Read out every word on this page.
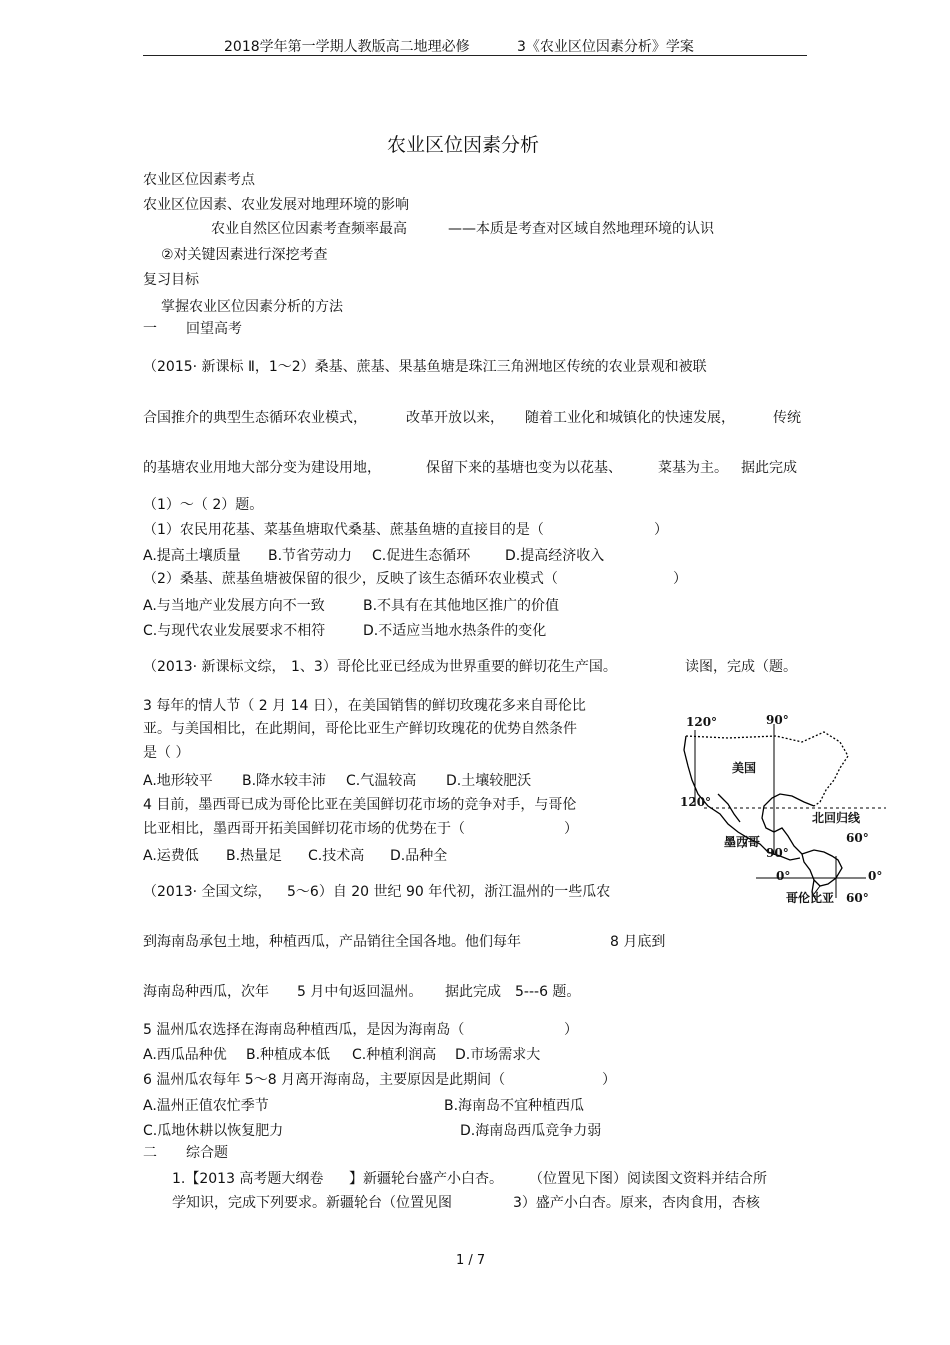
2018学年第一学期人教版高二地理必修	3《农业区位因素分析》学案
农业区位因素分析
农业区位因素考点
农业区位因素、农业发展对地理环境的影响
农业自然区位因素考查频率最高	——本质是考查对区域自然地理环境的认识
②对关键因素进行深挖考查
复习目标
掌握农业区位因素分析的方法
一 回望高考
（2015· 新课标 Ⅱ，1～2）桑基、蔗基、果基鱼塘是珠江三角洲地区传统的农业景观和被联
合国推介的典型生态循环农业模式，	改革开放以来， 随着工业化和城镇化的快速发展，	传统
的基塘农业用地大部分变为建设用地，	保留下来的基塘也变为以花基、	菜基为主。 据此完成
（1）～（ 2）题。
（1）农民用花基、菜基鱼塘取代桑基、蔗基鱼塘的直接目的是（	）
A.提高土壤质量 B.节省劳动力 C.促进生态循环 D.提高经济收入
（2）桑基、蔗基鱼塘被保留的很少，反映了该生态循环农业模式（	）
A.与当地产业发展方向不一致	B.不具有在其他地区推广的价值
C.与现代农业发展要求不相符	D.不适应当地水热条件的变化
（2013· 新课标文综， 1、3）哥伦比亚已经成为世界重要的鲜切花生产国。	读图，完成（题。
3 每年的情人节（ 2 月 14 日），在美国销售的鲜切玫瑰花多来自哥伦比
亚。与美国相比，在此期间，哥伦比亚生产鲜切玫瑰花的优势自然条件
是（ ）
A.地形较平 B.降水较丰沛 C.气温较高 D.土壤较肥沃
4 目前，墨西哥已成为哥伦比亚在美国鲜切花市场的竞争对手，与哥伦
比亚相比，墨西哥开拓美国鲜切花市场的优势在于（	）
A.运费低 B.热量足 C.技术高 D.品种全
120°	90°
美国
120°
北回归线
60°
墨西哥
90°
0°	0°
哥伦比亚 60°
（2013· 全国文综， 5～6）自 20 世纪 90 年代初，浙江温州的一些瓜农
到海南岛承包土地，种植西瓜，产品销往全国各地。他们每年	8 月底到
海南岛种西瓜，次年 5 月中旬返回温州。 据此完成 5---6 题。
5 温州瓜农选择在海南岛种植西瓜，是因为海南岛（	）
A.西瓜品种优 B.种植成本低 C.种植利润高 D.市场需求大
6 温州瓜农每年 5～8 月离开海南岛，主要原因是此期间（	）
A.温州正值农忙季节	B.海南岛不宜种植西瓜
C.瓜地休耕以恢复肥力	D.海南岛西瓜竞争力弱
二 综合题
1.【2013 高考题大纲卷 】新疆轮台盛产小白杏。 （位置见下图）阅读图文资料并结合所
学知识，完成下列要求。新疆轮台（位置见图	3）盛产小白杏。原来，杏肉食用，杏核
1 / 7
